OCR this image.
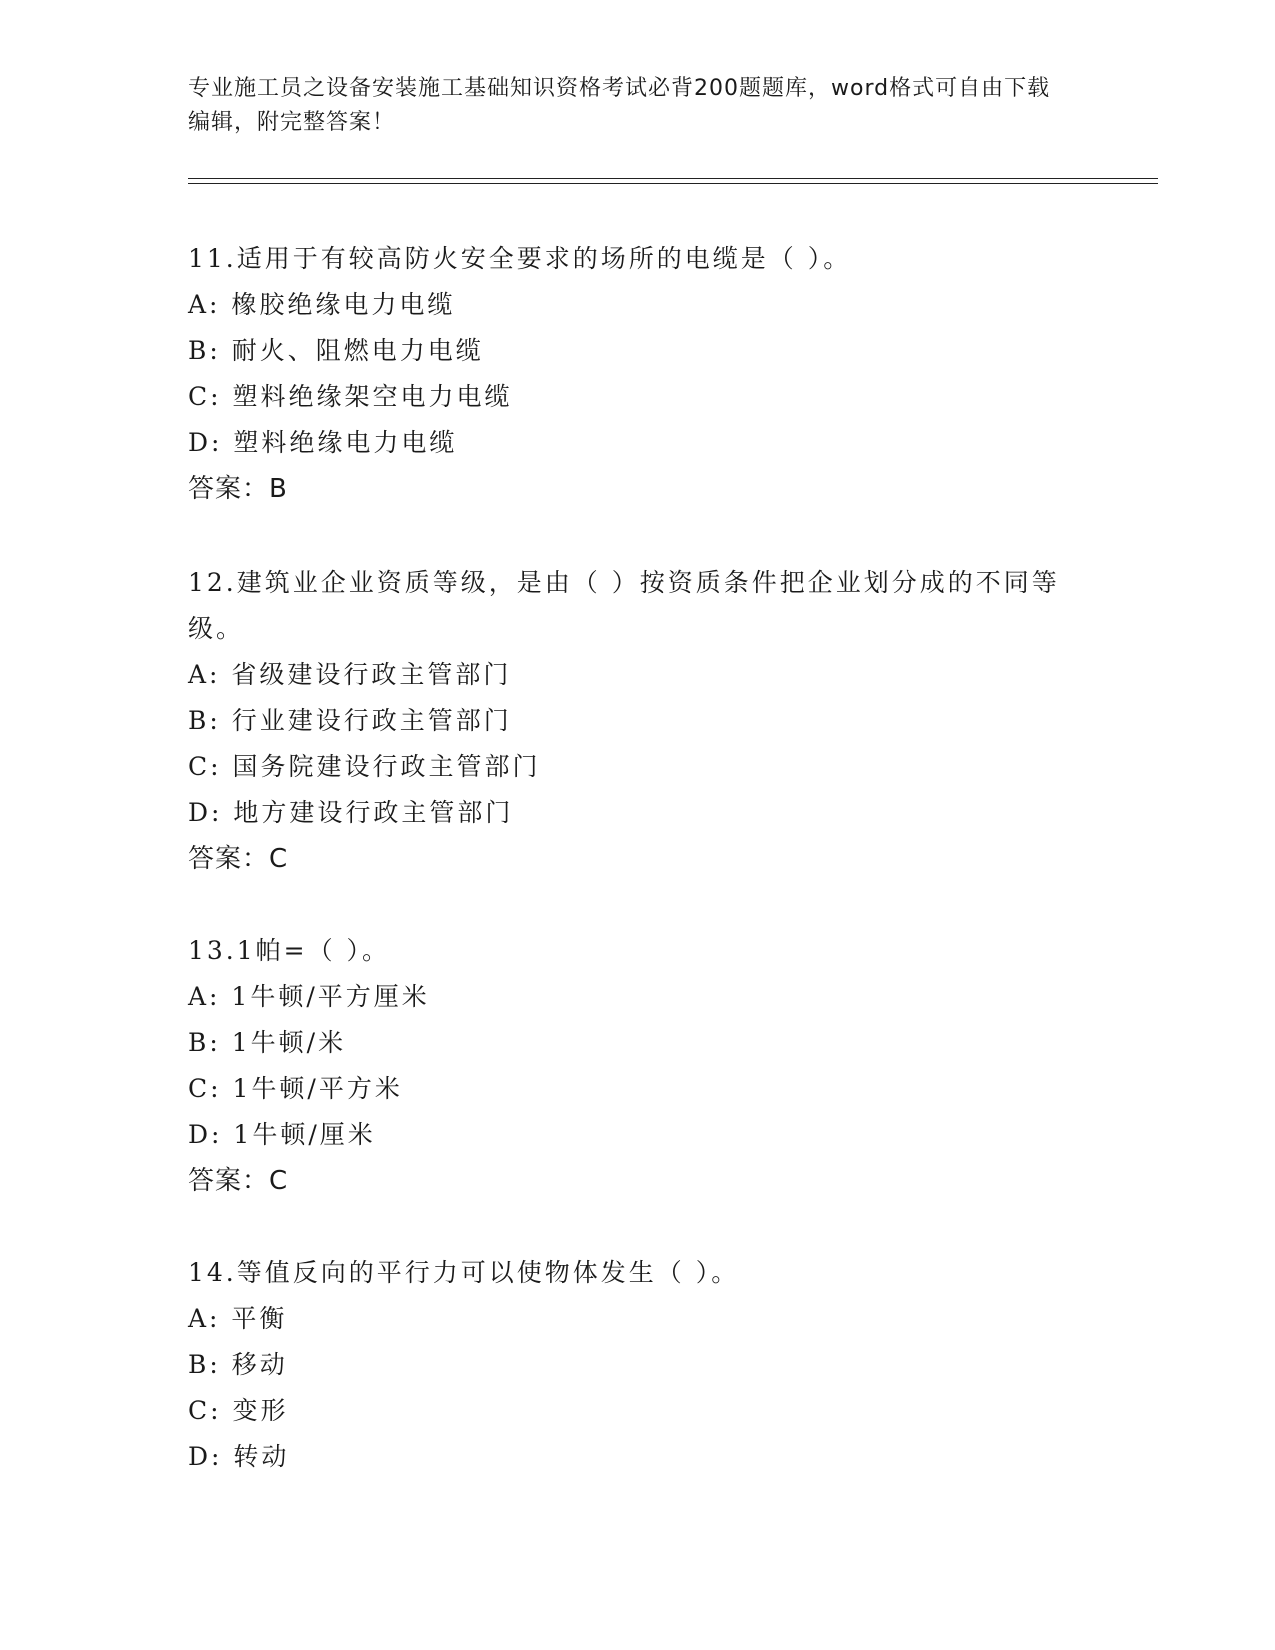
专业施工员之设备安装施工基础知识资格考试必背200题题库，word格式可自由下载编辑，附完整答案！
11.适用于有较高防火安全要求的场所的电缆是（ ）。
A: 橡胶绝缘电力电缆
B: 耐火、阻燃电力电缆
C: 塑料绝缘架空电力电缆
D: 塑料绝缘电力电缆
答案：B
12.建筑业企业资质等级，是由（ ）按资质条件把企业划分成的不同等级。
A: 省级建设行政主管部门
B: 行业建设行政主管部门
C: 国务院建设行政主管部门
D: 地方建设行政主管部门
答案：C
13.1帕=（ ）。
A: 1牛顿/平方厘米
B: 1牛顿/米
C: 1牛顿/平方米
D: 1牛顿/厘米
答案：C
14.等值反向的平行力可以使物体发生（ ）。
A: 平衡
B: 移动
C: 变形
D: 转动
